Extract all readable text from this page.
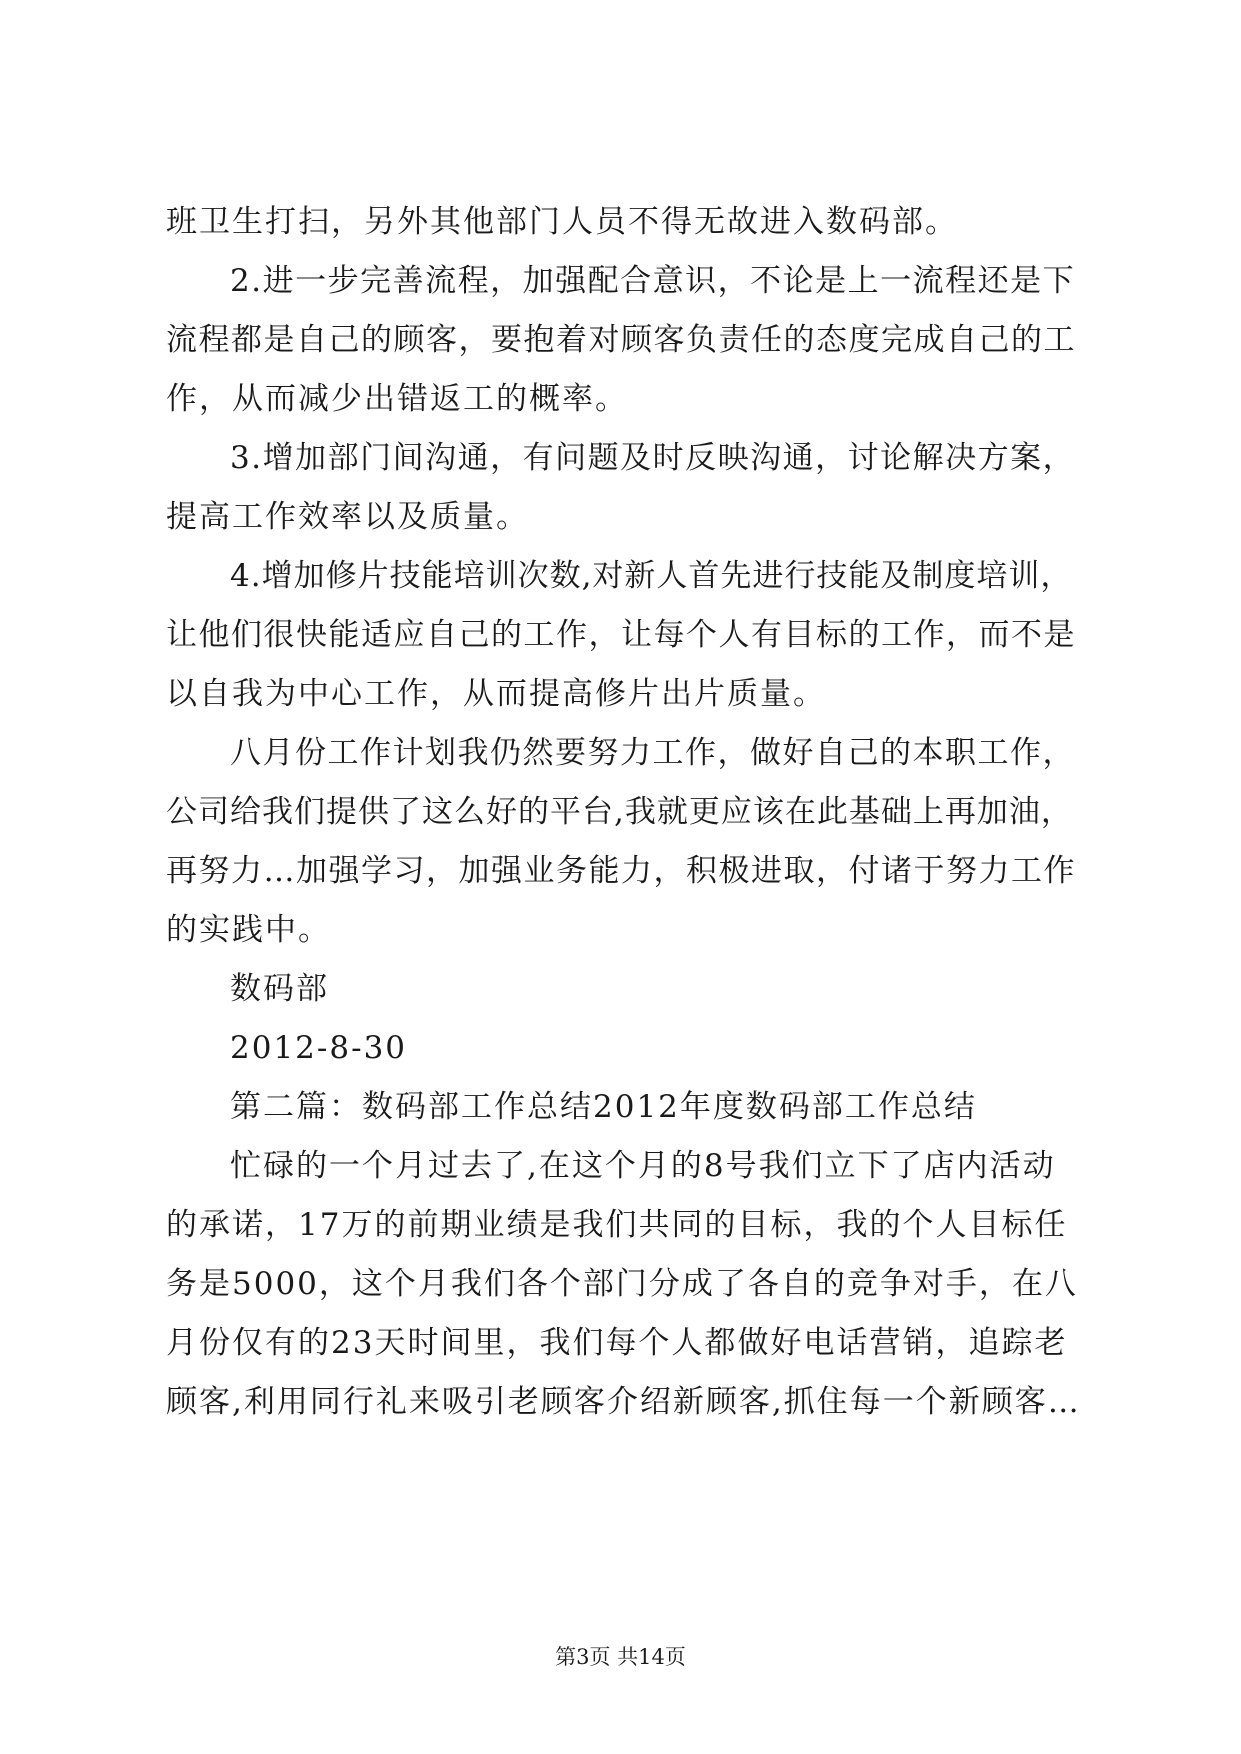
班卫生打扫，另外其他部门人员不得无故进入数码部。
2.进一步完善流程，加强配合意识，不论是上一流程还是下
流程都是自己的顾客，要抱着对顾客负责任的态度完成自己的工
作，从而减少出错返工的概率。
3.增加部门间沟通，有问题及时反映沟通，讨论解决方案，
提高工作效率以及质量。
4.增加修片技能培训次数,对新人首先进行技能及制度培训，
让他们很快能适应自己的工作，让每个人有目标的工作，而不是
以自我为中心工作，从而提高修片出片质量。
八月份工作计划我仍然要努力工作，做好自己的本职工作，
公司给我们提供了这么好的平台,我就更应该在此基础上再加油，
再努力…加强学习，加强业务能力，积极进取，付诸于努力工作
的实践中。
数码部
2012-8-30
第二篇：数码部工作总结2012年度数码部工作总结
忙碌的一个月过去了,在这个月的8号我们立下了店内活动
的承诺，17万的前期业绩是我们共同的目标，我的个人目标任
务是5000，这个月我们各个部门分成了各自的竞争对手，在八
月份仅有的23天时间里，我们每个人都做好电话营销，追踪老
顾客,利用同行礼来吸引老顾客介绍新顾客,抓住每一个新顾客…
第3页 共14页
